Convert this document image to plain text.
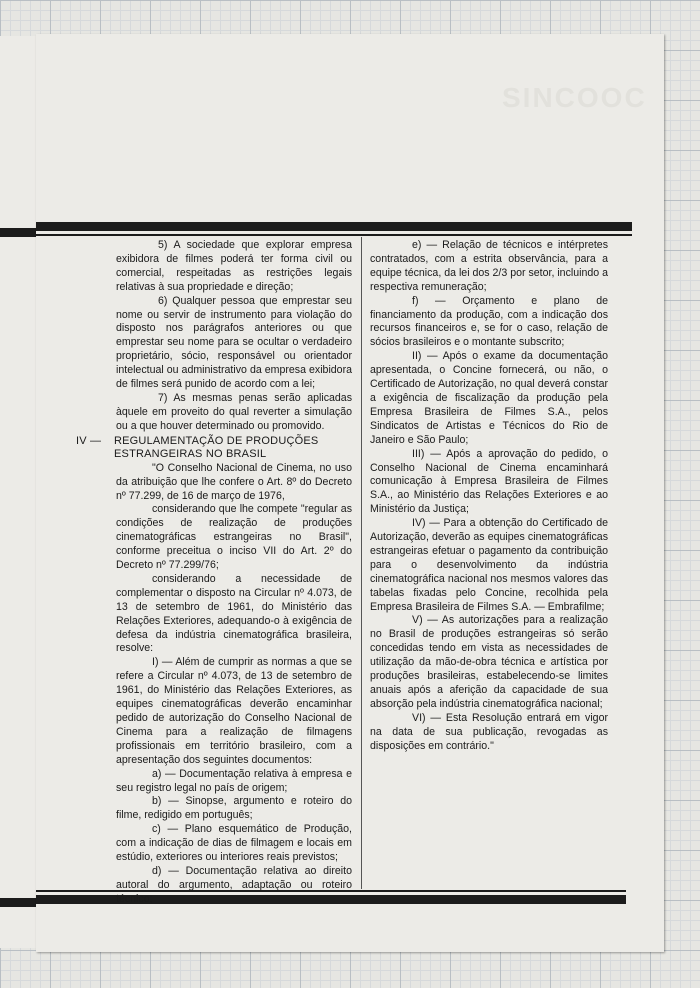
SINCOOC

5) A sociedade que explorar empresa exibidora de filmes poderá ter forma civil ou comercial, respeitadas as restrições legais relativas à sua propriedade e direção;

6) Qualquer pessoa que emprestar seu nome ou servir de instrumento para violação do disposto nos parágrafos anteriores ou que emprestar seu nome para se ocultar o verdadeiro proprietário, sócio, responsável ou orientador intelectual ou administrativo da empresa exibidora de filmes será punido de acordo com a lei;

7) As mesmas penas serão aplicadas àquele em proveito do qual reverter a simulação ou a que houver determinado ou promovido.

IV —	REGULAMENTAÇÃO DE PRODUÇÕES ESTRANGEIRAS NO BRASIL

"O Conselho Nacional de Cinema, no uso da atribuição que lhe confere o Art. 8º do Decreto nº 77.299, de 16 de março de 1976,

considerando que lhe compete "regular as condições de realização de produções cinematográficas estrangeiras no Brasil", conforme preceitua o inciso VII do Art. 2º do Decreto nº 77.299/76;

considerando a necessidade de complementar o disposto na Circular nº 4.073, de 13 de setembro de 1961, do Ministério das Relações Exteriores, adequando-o à exigência de defesa da indústria cinematográfica brasileira, resolve:

I) — Além de cumprir as normas a que se refere a Circular nº 4.073, de 13 de setembro de 1961, do Ministério das Relações Exteriores, as equipes cinematográficas deverão encaminhar pedido de autorização do Conselho Nacional de Cinema para a realização de filmagens profissionais em território brasileiro, com a apresentação dos seguintes documentos:

a) — Documentação relativa à empresa e seu registro legal no país de origem;

b) — Sinopse, argumento e roteiro do filme, redigido em português;

c) — Plano esquemático de Produção, com a indicação de dias de filmagem e locais em estúdio, exteriores ou interiores reais previstos;

d) — Documentação relativa ao direito autoral do argumento, adaptação ou roteiro técnico;

e) — Relação de técnicos e intérpretes contratados, com a estrita observância, para a equipe técnica, da lei dos 2/3 por setor, incluindo a respectiva remuneração;

f) — Orçamento e plano de financiamento da produção, com a indicação dos recursos financeiros e, se for o caso, relação de sócios brasileiros e o montante subscrito;

II) — Após o exame da documentação apresentada, o Concine fornecerá, ou não, o Certificado de Autorização, no qual deverá constar a exigência de fiscalização da produção pela Empresa Brasileira de Filmes S.A., pelos Sindicatos de Artistas e Técnicos do Rio de Janeiro e São Paulo;

III) — Após a aprovação do pedido, o Conselho Nacional de Cinema encaminhará comunicação à Empresa Brasileira de Filmes S.A., ao Ministério das Relações Exteriores e ao Ministério da Justiça;

IV) — Para a obtenção do Certificado de Autorização, deverão as equipes cinematográficas estrangeiras efetuar o pagamento da contribuição para o desenvolvimento da indústria cinematográfica nacional nos mesmos valores das tabelas fixadas pelo Concine, recolhida pela Empresa Brasileira de Filmes S.A. — Embrafilme;

V) — As autorizações para a realização no Brasil de produções estrangeiras só serão concedidas tendo em vista as necessidades de utilização da mão-de-obra técnica e artística por produções brasileiras, estabelecendo-se limites anuais após a aferição da capacidade de sua absorção pela indústria cinematográfica nacional;

VI) — Esta Resolução entrará em vigor na data de sua publicação, revogadas as disposições em contrário."
